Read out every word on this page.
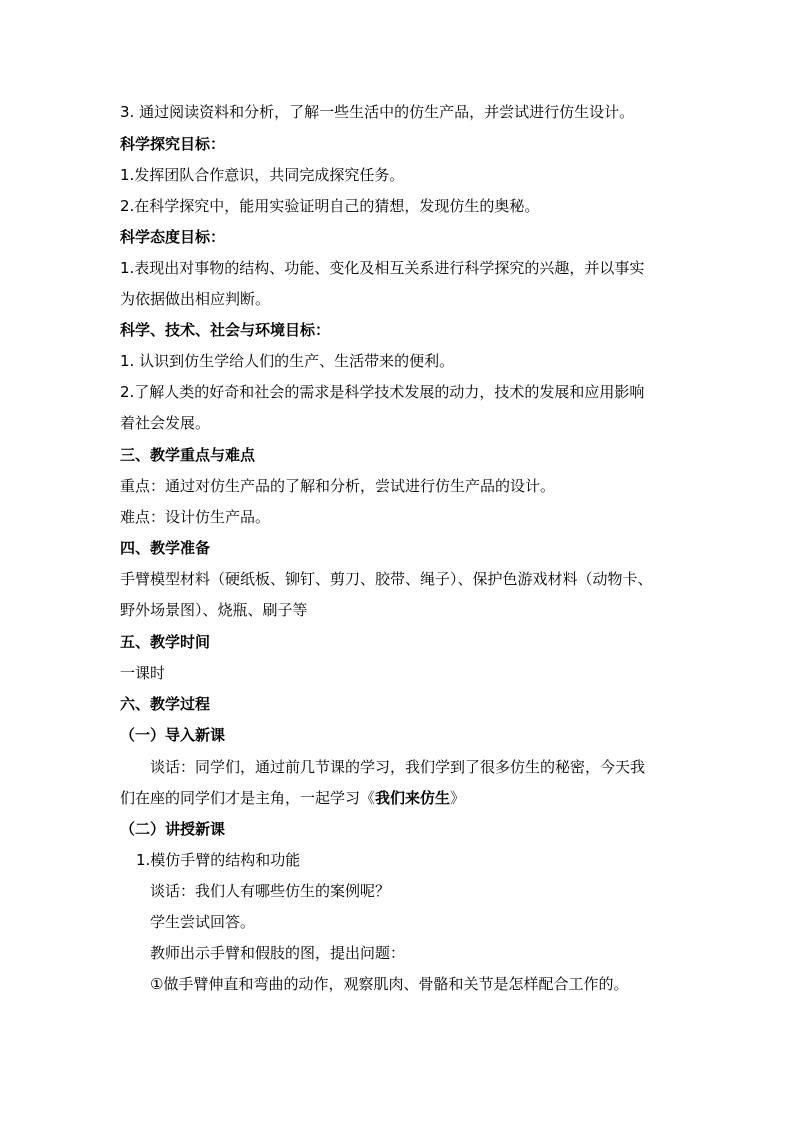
3. 通过阅读资料和分析，了解一些生活中的仿生产品，并尝试进行仿生设计。
科学探究目标：
1.发挥团队合作意识，共同完成探究任务。
2.在科学探究中，能用实验证明自己的猜想，发现仿生的奥秘。
科学态度目标：
1.表现出对事物的结构、功能、变化及相互关系进行科学探究的兴趣，并以事实
为依据做出相应判断。
科学、技术、社会与环境目标：
1. 认识到仿生学给人们的生产、生活带来的便利。
2.了解人类的好奇和社会的需求是科学技术发展的动力，技术的发展和应用影响
着社会发展。
三、教学重点与难点
重点：通过对仿生产品的了解和分析，尝试进行仿生产品的设计。
难点：设计仿生产品。
四、教学准备
手臂模型材料（硬纸板、铆钉、剪刀、胶带、绳子）、保护色游戏材料（动物卡、
野外场景图）、烧瓶、刷子等
五、教学时间
一课时
六、教学过程
（一）导入新课
谈话：同学们，通过前几节课的学习，我们学到了很多仿生的秘密，今天我
们在座的同学们才是主角，一起学习《我们来仿生》
（二）讲授新课
1.模仿手臂的结构和功能
谈话：我们人有哪些仿生的案例呢？
学生尝试回答。
教师出示手臂和假肢的图，提出问题：
①做手臂伸直和弯曲的动作，观察肌肉、骨骼和关节是怎样配合工作的。
